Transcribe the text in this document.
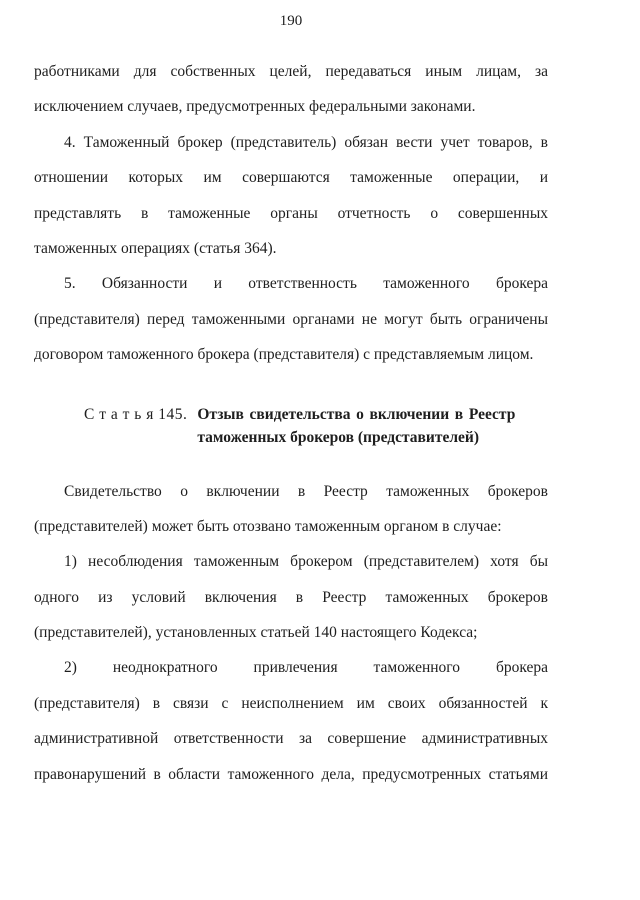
190

работниками для собственных целей, передаваться иным лицам, за
исключением случаев, предусмотренных федеральными законами.

4. Таможенный брокер (представитель) обязан вести учет товаров, в
отношении которых им совершаются таможенные операции, и
представлять в таможенные органы отчетность о совершенных
таможенных операциях (статья 364).

5. Обязанности и ответственность таможенного брокера
(представителя) перед таможенными органами не могут быть ограничены
договором таможенного брокера (представителя) с представляемым лицом.

С т а т ь я 145. Отзыв свидетельства о включении в Реестр
таможенных брокеров (представителей)

Свидетельство о включении в Реестр таможенных брокеров
(представителей) может быть отозвано таможенным органом в случае:

1) несоблюдения таможенным брокером (представителем) хотя бы
одного из условий включения в Реестр таможенных брокеров
(представителей), установленных статьей 140 настоящего Кодекса;

2) неоднократного привлечения таможенного брокера
(представителя) в связи с неисполнением им своих обязанностей к
административной ответственности за совершение административных
правонарушений в области таможенного дела, предусмотренных статьями
